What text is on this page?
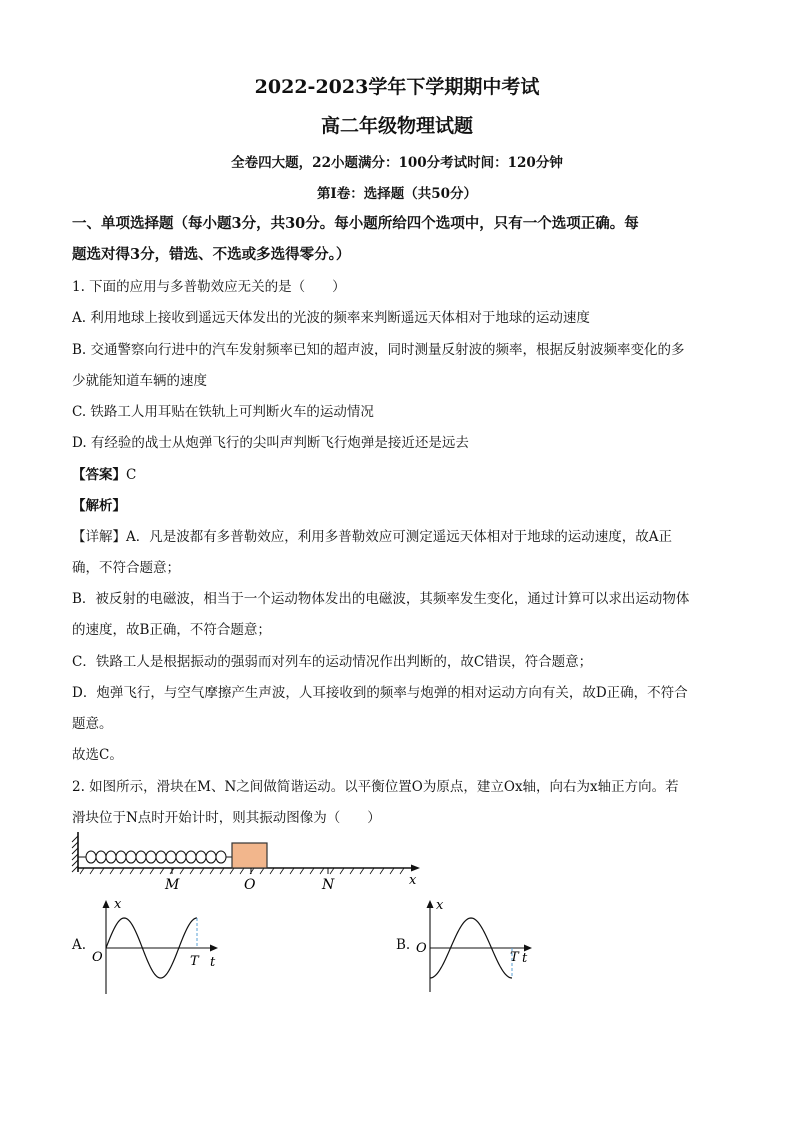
2022-2023学年下学期期中考试
高二年级物理试题
全卷四大题，22小题满分：100分考试时间：120分钟
第I卷：选择题（共50分）
一、单项选择题（每小题3分，共30分。每小题所给四个选项中，只有一个选项正确。每
题选对得3分，错选、不选或多选得零分。）
1. 下面的应用与多普勒效应无关的是（　　）
A. 利用地球上接收到遥远天体发出的光波的频率来判断遥远天体相对于地球的运动速度
B. 交通警察向行进中的汽车发射频率已知的超声波，同时测量反射波的频率，根据反射波频率变化的多
少就能知道车辆的速度
C. 铁路工人用耳贴在铁轨上可判断火车的运动情况
D. 有经验的战士从炮弹飞行的尖叫声判断飞行炮弹是接近还是远去
【答案】C
【解析】
【详解】A．凡是波都有多普勒效应，利用多普勒效应可测定遥远天体相对于地球的运动速度，故A正
确，不符合题意；
B．被反射的电磁波，相当于一个运动物体发出的电磁波，其频率发生变化，通过计算可以求出运动物体
的速度，故B正确，不符合题意；
C．铁路工人是根据振动的强弱而对列车的运动情况作出判断的，故C错误，符合题意；
D．炮弹飞行，与空气摩擦产生声波，人耳接收到的频率与炮弹的相对运动方向有关，故D正确，不符合
题意。
故选C。
2. 如图所示，滑块在M、N之间做简谐运动。以平衡位置O为原点，建立Ox轴，向右为x轴正方向。若
滑块位于N点时开始计时，则其振动图像为（　　）
M	O	N	x
A.
x
O	T t
B.
x
O
T t
